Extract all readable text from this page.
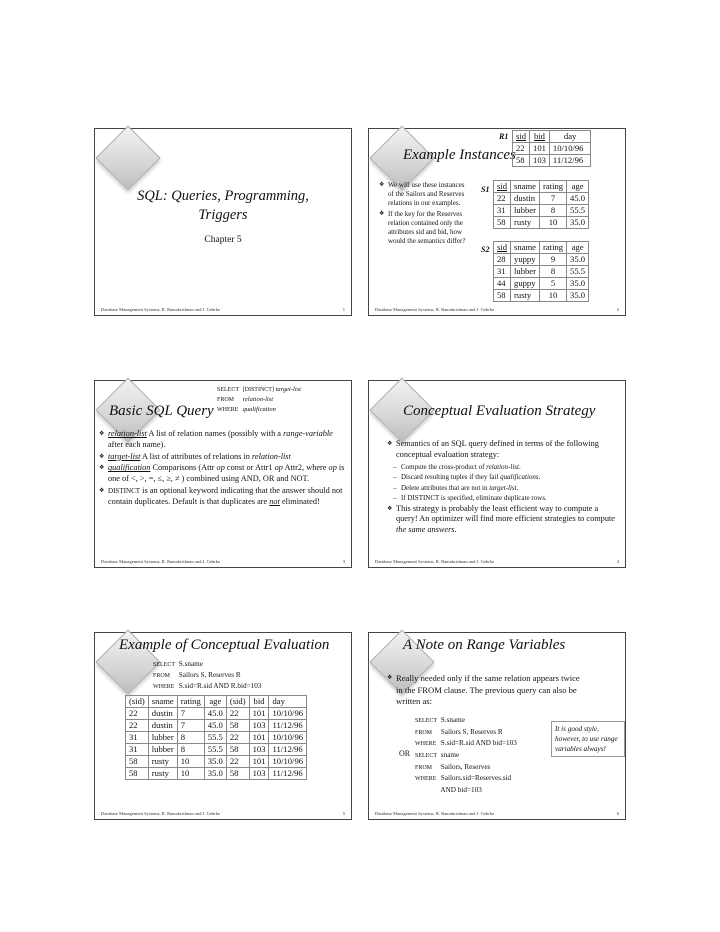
SQL: Queries, Programming,
Triggers
Chapter 5
Database Management Systems, R. Ramakrishnan and J. Gehrke	1
Example Instances
R1 sid	bid	day
22	101	10/10/96
58	103	11/12/96
❖ We will use these instances of the Sailors and Reserves relations in our examples.
❖ If the key for the Reserves relation contained only the attributes sid and bid, how would the semantics differ?
S1 sid	sname	rating	age
22	dustin	7	45.0
31	lubber	8	55.5
58	rusty	10	35.0
S2 sid	sname	rating	age
28	yuppy	9	35.0
31	lubber	8	55.5
44	guppy	5	35.0
58	rusty	10	35.0
Database Management Systems, R. Ramakrishnan and J. Gehrke	2
Basic SQL Query
SELECT [DISTINCT] target-list
FROM relation-list
WHERE qualification
❖ relation-list A list of relation names (possibly with a range-variable after each name).
❖ target-list A list of attributes of relations in relation-list
❖ qualification Comparisons (Attr op const or Attr1 op Attr2, where op is one of <, >, =, ≤, ≥, ≠ ) combined using AND, OR and NOT.
❖ DISTINCT is an optional keyword indicating that the answer should not contain duplicates. Default is that duplicates are not eliminated!
Database Management Systems, R. Ramakrishnan and J. Gehrke	3
Conceptual Evaluation Strategy
❖ Semantics of an SQL query defined in terms of the following conceptual evaluation strategy:
– Compute the cross-product of relation-list.
– Discard resulting tuples if they fail qualifications.
– Delete attributes that are not in target-list.
– If DISTINCT is specified, eliminate duplicate rows.
❖ This strategy is probably the least efficient way to compute a query! An optimizer will find more efficient strategies to compute the same answers.
Database Management Systems, R. Ramakrishnan and J. Gehrke	4
Example of Conceptual Evaluation
SELECT S.sname
FROM Sailors S, Reserves R
WHERE S.sid=R.sid AND R.bid=103
(sid)	sname	rating	age	(sid)	bid	day
22	dustin	7	45.0	22	101	10/10/96
22	dustin	7	45.0	58	103	11/12/96
31	lubber	8	55.5	22	101	10/10/96
31	lubber	8	55.5	58	103	11/12/96
58	rusty	10	35.0	22	101	10/10/96
58	rusty	10	35.0	58	103	11/12/96
Database Management Systems, R. Ramakrishnan and J. Gehrke	5
A Note on Range Variables
❖ Really needed only if the same relation appears twice in the FROM clause. The previous query can also be written as:
SELECT S.sname
FROM Sailors S, Reserves R
WHERE S.sid=R.sid AND bid=103
OR SELECT sname
FROM Sailors, Reserves
WHERE Sailors.sid=Reserves.sid
AND bid=103
It is good style, however, to use range variables always!
Database Management Systems, R. Ramakrishnan and J. Gehrke	6
